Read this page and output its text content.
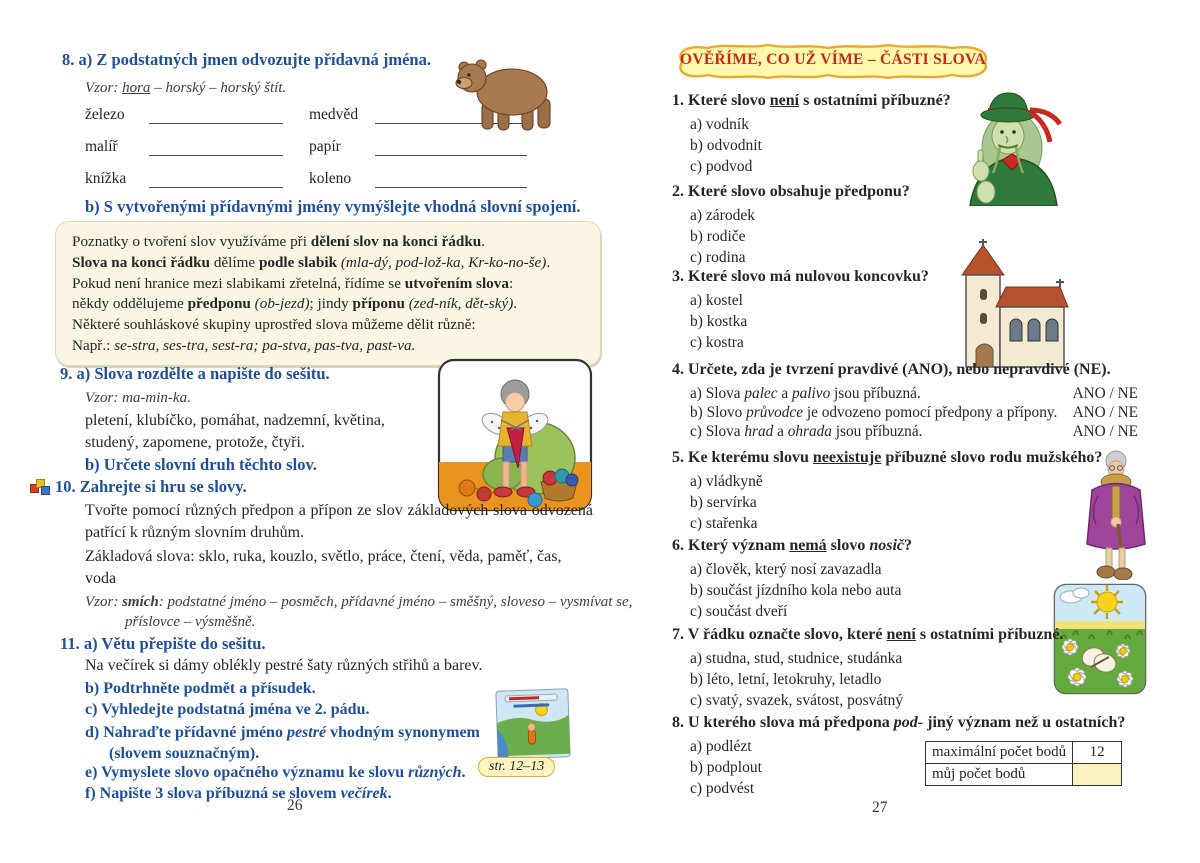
8. a) Z podstatných jmen odvozujte přídavná jména.
Vzor: hora – horský – horský štít.
železo	medvěd
malíř	papír
knížka	koleno
b) S vytvořenými přídavnými jmény vymýšlejte vhodná slovní spojení.
Poznatky o tvoření slov využíváme při dělení slov na konci řádku.
Slova na konci řádku dělíme podle slabik (mla-dý, pod-lož-ka, Kr-ko-no-še).
Pokud není hranice mezi slabikami zřetelná, řídíme se utvořením slova:
někdy oddělujeme předponu (ob-jezd); jindy příponu (zed-ník, dět-ský).
Některé souhláskové skupiny uprostřed slova můžeme dělit různě:
Např.: se-stra, ses-tra, sest-ra; pa-stva, pas-tva, past-va.
9. a) Slova rozdělte a napište do sešitu.
Vzor: ma-min-ka.
pletení, klubíčko, pomáhat, nadzemní, květina, studený, zapomene, protože, čtyři.
b) Určete slovní druh těchto slov.
10. Zahrejte si hru se slovy.
Tvořte pomocí různých předpon a přípon ze slov základových slova odvozená patřící k různým slovním druhům.
Základová slova: sklo, ruka, kouzlo, světlo, práce, čtení, věda, paměť, čas, voda
Vzor: smích: podstatné jméno – posměch, přídavné jméno – směšný, sloveso – vysmívat se, příslovce – výsměšně.
11. a) Větu přepište do sešitu.
Na večírek si dámy oblékly pestré šaty různých střihů a barev.
b) Podtrhněte podmět a přísudek.
c) Vyhledejte podstatná jména ve 2. pádu.
d) Nahraďte přídavné jméno pestré vhodným synonymem (slovem souznačným).
e) Vymyslete slovo opačného významu ke slovu různých.
f) Napište 3 slova příbuzná se slovem večírek.
str. 12–13
26
OVĚŘÍME, CO UŽ VÍME – ČÁSTI SLOVA
1. Které slovo není s ostatními příbuzné?
a) vodník
b) odvodnit
c) podvod
2. Které slovo obsahuje předponu?
a) zárodek
b) rodiče
c) rodina
3. Které slovo má nulovou koncovku?
a) kostel
b) kostka
c) kostra
4. Určete, zda je tvrzení pravdivé (ANO), nebo nepravdivé (NE).
a) Slova palec a palivo jsou příbuzná.	ANO / NE
b) Slovo průvodce je odvozeno pomocí předpony a přípony. ANO / NE
c) Slova hrad a ohrada jsou příbuzná.	ANO / NE
5. Ke kterému slovu neexistuje příbuzné slovo rodu mužského?
a) vládkyně
b) servírka
c) stařenka
6. Který význam nemá slovo nosič?
a) člověk, který nosí zavazadla
b) součást jízdního kola nebo auta
c) součást dveří
7. V řádku označte slovo, které není s ostatními příbuzné.
a) studna, stud, studnice, studánka
b) léto, letní, letokruhy, letadlo
c) svatý, svazek, svátost, posvátný
8. U kterého slova má předpona pod- jiný význam než u ostatních?
a) podlézt
b) podplout
c) podvést
maximální počet bodů	12
můj počet bodů	
27
